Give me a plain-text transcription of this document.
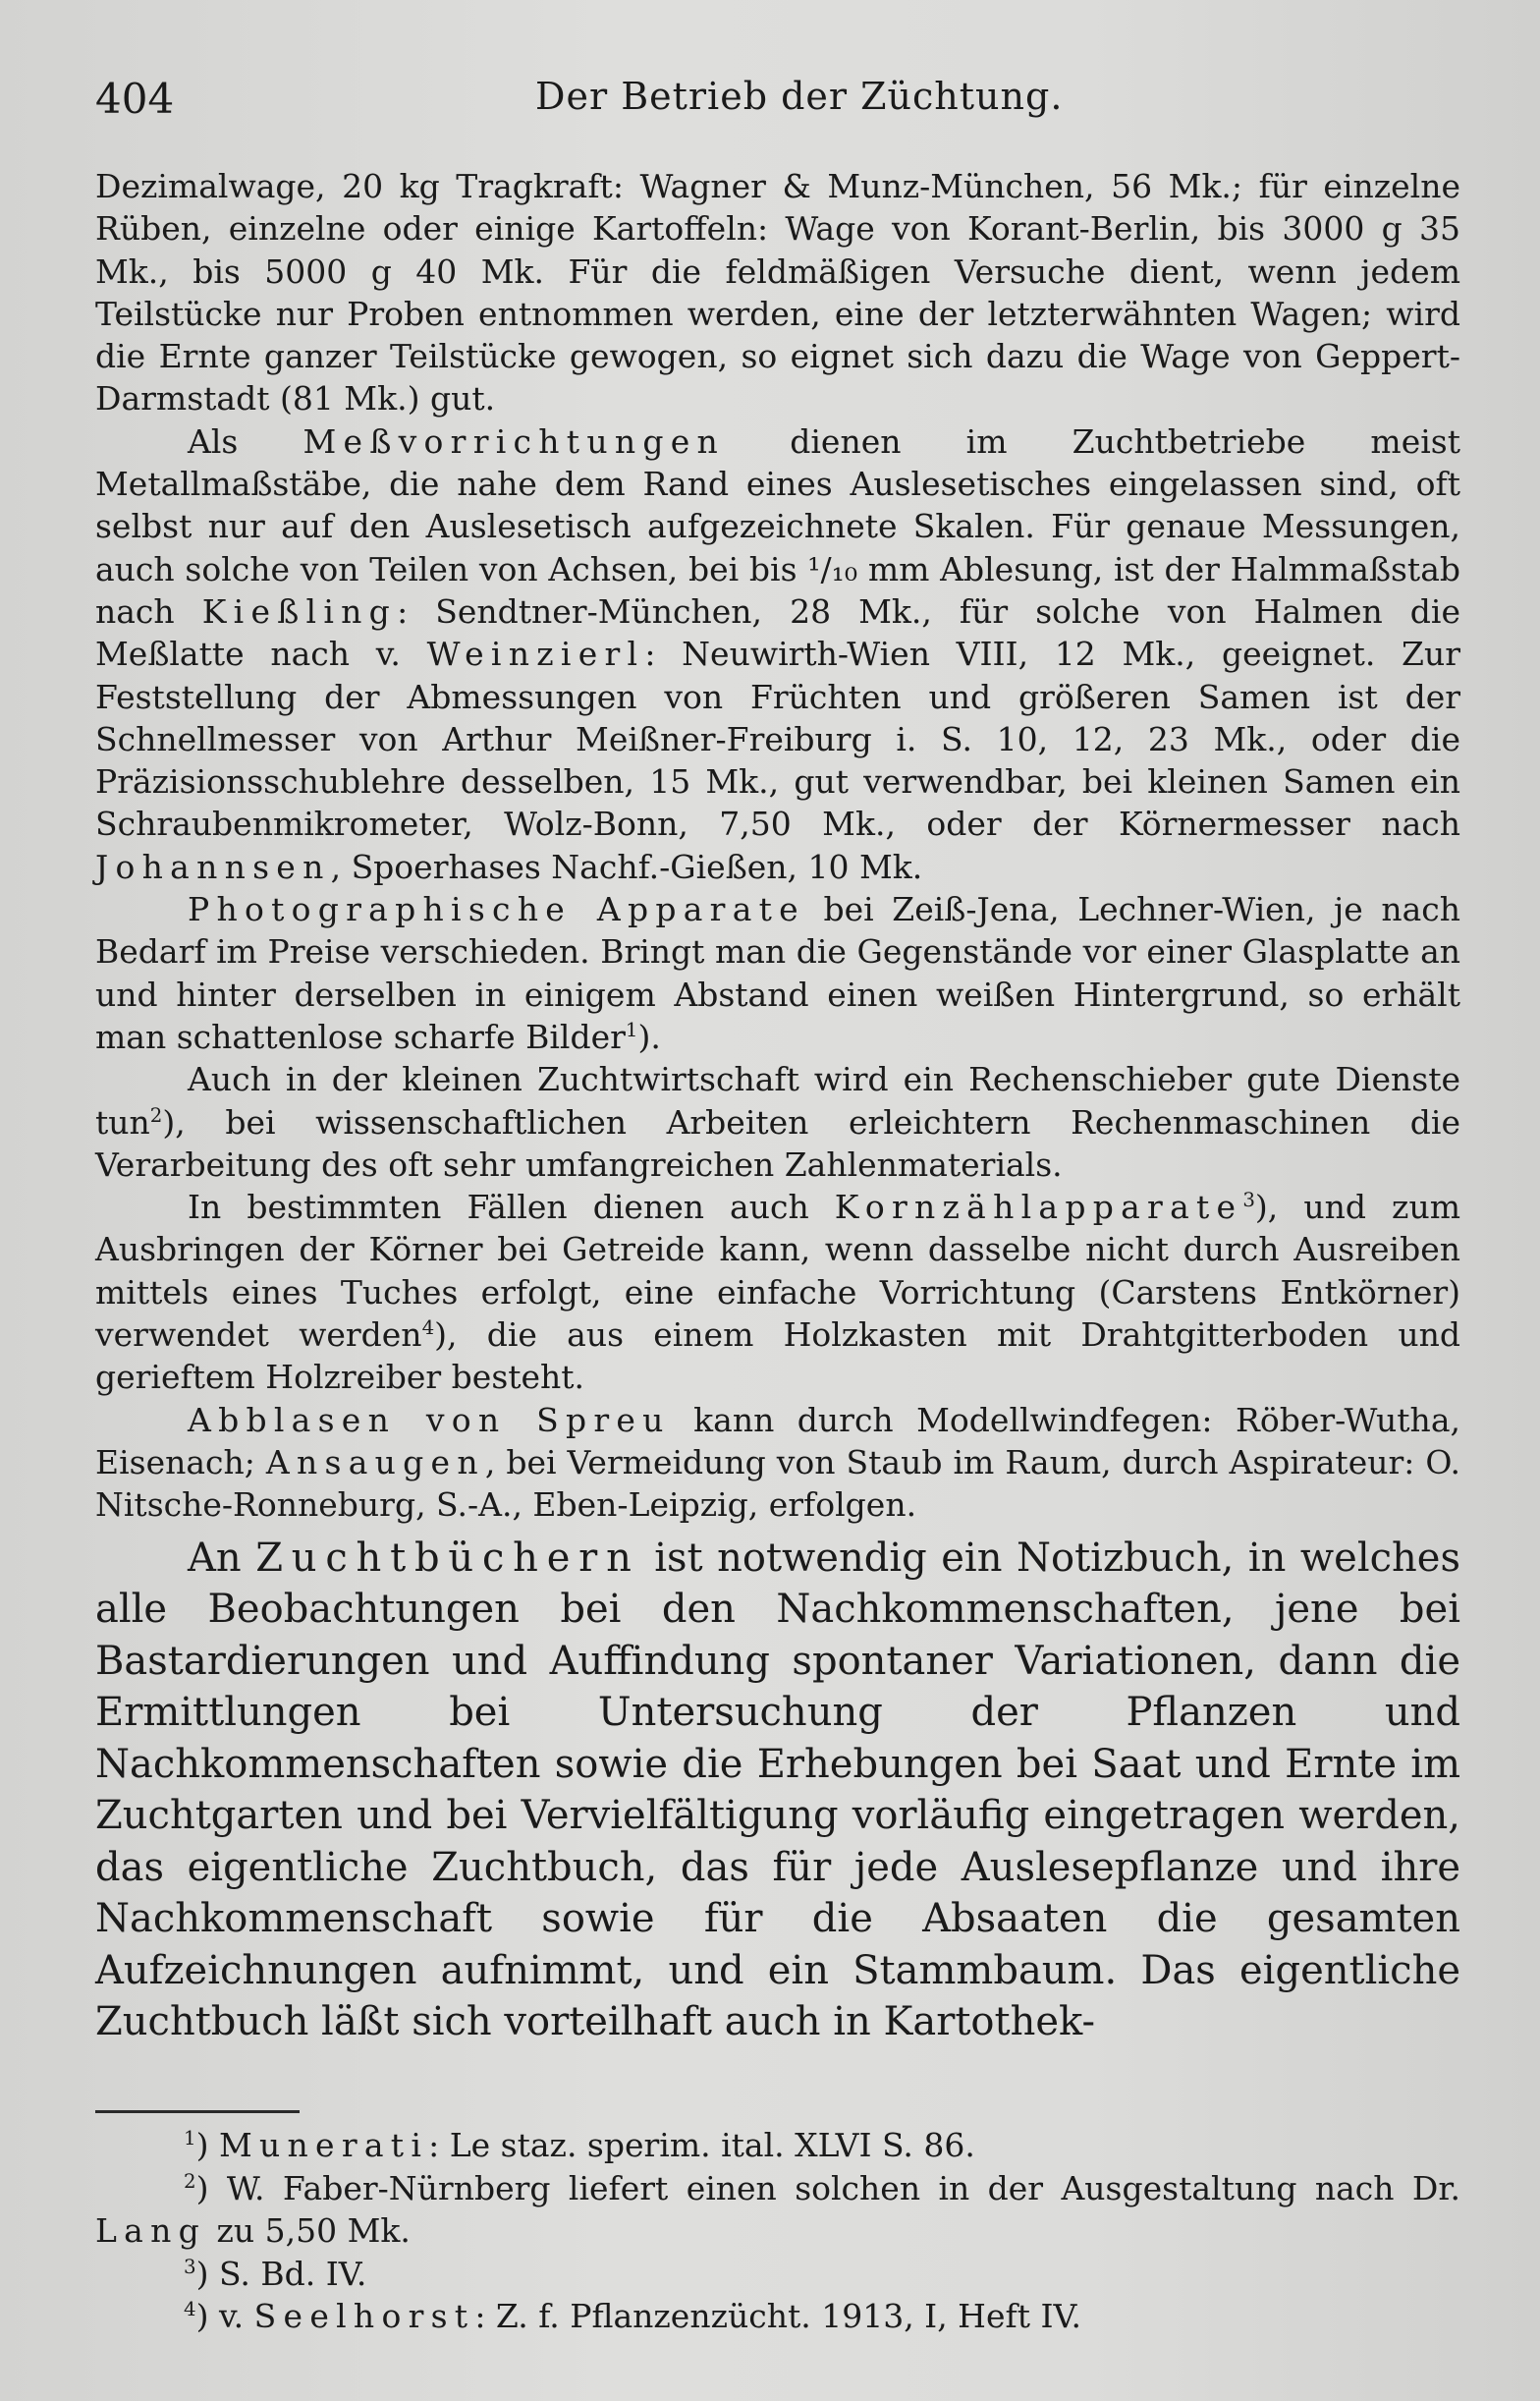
404	Der Betrieb der Züchtung.

Dezimalwage, 20 kg Tragkraft: Wagner & Munz-München, 56 Mk.; für einzelne Rüben, einzelne oder einige Kartoffeln: Wage von Korant-Berlin, bis 3000 g 35 Mk., bis 5000 g 40 Mk. Für die feldmäßigen Versuche dient, wenn jedem Teilstücke nur Proben entnommen werden, eine der letzterwähnten Wagen; wird die Ernte ganzer Teilstücke gewogen, so eignet sich dazu die Wage von Geppert-Darmstadt (81 Mk.) gut.

Als Meßvorrichtungen dienen im Zuchtbetriebe meist Metallmaßstäbe, die nahe dem Rand eines Auslesetisches eingelassen sind, oft selbst nur auf den Auslesetisch aufgezeichnete Skalen. Für genaue Messungen, auch solche von Teilen von Achsen, bei bis ¹/₁₀ mm Ablesung, ist der Halmmaßstab nach Kießling: Sendtner-München, 28 Mk., für solche von Halmen die Meßlatte nach v. Weinzierl: Neuwirth-Wien VIII, 12 Mk., geeignet. Zur Feststellung der Abmessungen von Früchten und größeren Samen ist der Schnellmesser von Arthur Meißner-Freiburg i. S. 10, 12, 23 Mk., oder die Präzisionsschublehre desselben, 15 Mk., gut verwendbar, bei kleinen Samen ein Schraubenmikrometer, Wolz-Bonn, 7,50 Mk., oder der Körnermesser nach Johannsen, Spoerhases Nachf.-Gießen, 10 Mk.

Photographische Apparate bei Zeiß-Jena, Lechner-Wien, je nach Bedarf im Preise verschieden. Bringt man die Gegenstände vor einer Glasplatte an und hinter derselben in einigem Abstand einen weißen Hintergrund, so erhält man schattenlose scharfe Bilder$^1$).

Auch in der kleinen Zuchtwirtschaft wird ein Rechenschieber gute Dienste tun$^2$), bei wissenschaftlichen Arbeiten erleichtern Rechenmaschinen die Verarbeitung des oft sehr umfangreichen Zahlenmaterials.

In bestimmten Fällen dienen auch Kornzählapparate$^3$), und zum Ausbringen der Körner bei Getreide kann, wenn dasselbe nicht durch Ausreiben mittels eines Tuches erfolgt, eine einfache Vorrichtung (Carstens Entkörner) verwendet werden$^4$), die aus einem Holzkasten mit Drahtgitterboden und gerieftem Holzreiber besteht.

Abblasen von Spreu kann durch Modellwindfegen: Röber-Wutha, Eisenach; Ansaugen, bei Vermeidung von Staub im Raum, durch Aspirateur: O. Nitsche-Ronneburg, S.-A., Eben-Leipzig, erfolgen.

An Zuchtbüchern ist notwendig ein Notizbuch, in welches alle Beobachtungen bei den Nachkommenschaften, jene bei Bastardierungen und Auffindung spontaner Variationen, dann die Ermittlungen bei Untersuchung der Pflanzen und Nachkommenschaften sowie die Erhebungen bei Saat und Ernte im Zuchtgarten und bei Vervielfältigung vorläufig eingetragen werden, das eigentliche Zuchtbuch, das für jede Auslesepflanze und ihre Nachkommenschaft sowie für die Absaaten die gesamten Aufzeichnungen aufnimmt, und ein Stammbaum. Das eigentliche Zuchtbuch läßt sich vorteilhaft auch in Kartothek-

$^1$) Munerati: Le staz. sperim. ital. XLVI S. 86.

$^2$) W. Faber-Nürnberg liefert einen solchen in der Ausgestaltung nach Dr. Lang zu 5,50 Mk.

$^3$) S. Bd. IV.

$^4$) v. Seelhorst: Z. f. Pflanzenzücht. 1913, I, Heft IV.
